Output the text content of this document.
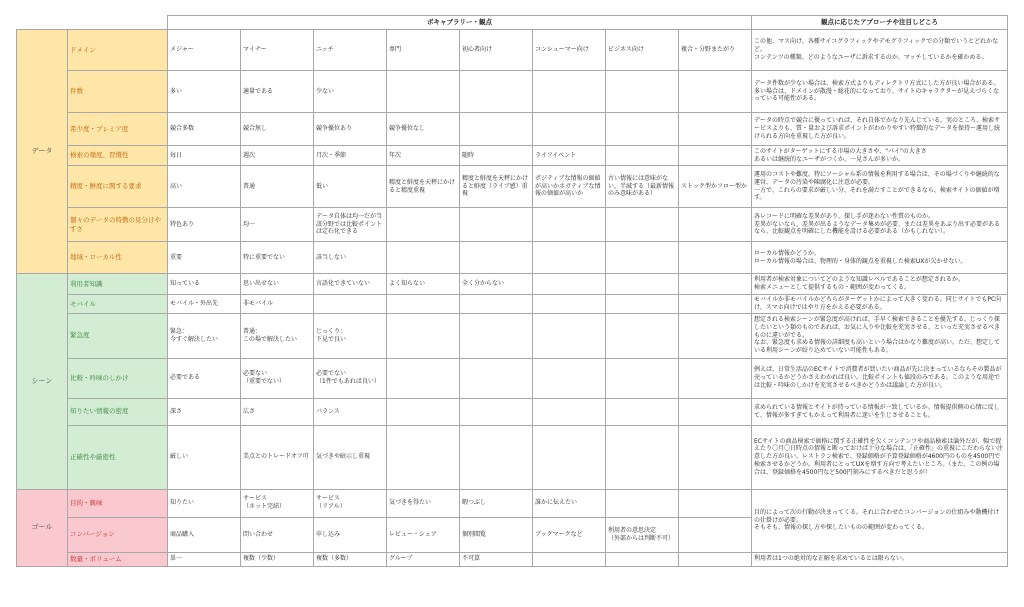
		ボキャブラリー・観点								観点に応じたアプローチや注目しどころ
データ	ドメイン	メジャー	マイナー	ニッチ	専門	初心者向け	コンシューマー向け	ビジネス向け	複合・分野またがり	この他、マス向け、各種サイコグラフィックやデモグラフィックでの分類でいうとどれかなど。
コンテンツの種類、どのようなユーザに訴求するのか、マッチしているかを確かめる。
	件数	多い	適量である	少ない						データ件数が少ない場合は、検索方式よりもディレクトリ方式にした方が良い場合がある。
多い場合は、ドメインが散漫・総花的になっており、サイトのキャラクターが見えづらくなっている可能性がある。
	希少度・プレミア度	競合多数	競合無し	競争優位あり	競争優位なし					データの時点で競合に優っていれば、それ自体でかなり先んじている。実のところ、検索サービスよりも、質・量および訴求ポイントがわかりやすい特徴的なデータを保持～運用し続けられる方向を重視した方が良い。
	検索の頻度、習慣性	毎日	週次	月次・季節	年次	随時	ライフイベント			このサイトがターゲットにする市場の大きさや、"パイ"の大きさ
あるいは継続的なユーザがつくか、一見さんが多いか。
	精度・鮮度に関する要求	高い	普通	低い	精度と鮮度を天秤にかけると精度重視	精度と鮮度を天秤にかけると鮮度（ライブ感）重視	ポジティブな情報の価値が高いかネガティブな情報の価値が高いか	古い情報には意味がない、半減する（最新情報のみ意味がある）	ストック型かフロー型か	運用のコストや難度。特にソーシャル系の情報を利用する場合は、その場づくりや継続的な運営、データの汚染や陳腐化に注意が必要。
一方で、これらの要求が厳しい分、それを満たすことができるなら、検索サイトの価値が増す。
	個々のデータの特徴の見分けやすさ	特色あり	均一	データ自体は均一だが当該分野では比較ポイントは定石化できる						各レコードに明確な差異があり、探し手が迷わない性質のものか。
差異がないなら、差異が出るようなデータ集めが必要、または差異をあぶり出す必要があるなら、比較観点を明確にした機能を設ける必要がある（かもしれない）。
	地域・ローカル性	重要	特に重要でない	該当しない						ローカル情報かどうか。
ローカル情報の場合は、物理的・身体的観点を重視した検索UXが欠かせない。
シーン	利用者知識	知っている	思い出せない	言語化できていない	よく知らない	全く分からない				利用者が検索対象についてどのような知識レベルであることが想定されるか。
検索メニューとして提供するもの・範囲が変わってくる。
	モバイル	モバイル・外出先	非モバイル							モバイルか非モバイルかどちらがターゲットかによって大きく変わる。同じサイトでもPC向け、スマホ向けではやり方をかえる必要がある。
	緊急度	緊急：
今すぐ解決したい	普通：
この場で解決したい	じっくり：
下見で良い						想定される検索シーンが緊急度が高ければ、手早く検索できることを優先する。じっくり探したいという類のものであれば、お気に入りや比較を充実させる、といった充実させるべきものに違いがでる。
なお、緊急度も求める情報の詳細度も高いという場合はかなり難度が高い。ただ、想定している利用シーンが絞り込めていない可能性もある。
	比較・吟味のしかけ	必要である	必要ない
（重要でない）	必要でない
（1件でもあれば良い）						例えば、日常生活品のECサイトで消費者が買いたい商品が先に決まっているならその製品が売っているかどうかさえわかれば良い。比較ポイントも値段のみである。このような用途では比較・吟味のしかけを充実させるべきかどうかは議論した方が良い。
	知りたい情報の密度	深さ	広さ	バランス						求められている情報とサイトが持っている情報が一致しているか。情報提供側の心情に反して、情報が多すぎてもかえって利用者に迷いを生じさせることも。
	正確性や厳密性	厳しい	美点とのトレードオフ可	気づきや暗示し重視						ECサイトの商品検索で価格に関する正確性を欠くコンテンツや商品検索は論外だが、幅で捉えたり〇月〇日時点の情報と断っておけば十分な場合は、「正確性」の重視にこだわらない注意した方が良い。レストラン検索で、登録価格が予算登録価格が4600円のものを4500円で検索させるかどうか。利用者にとってUXを増す方向で考えたいところ。（また、この例の場合は、登録価格を4500円など500円刻みにするべきだと思うが）
ゴール	目的・興味	知りたい	サービス
（ネット完結）	サービス
（リアル）	気づきを得たい	暇つぶし	誰かに伝えたい			目的によって次の行動が決まってくる。それに合わせたコンバージョンの仕組みや動機付けの仕掛けが必要。
そもそも、情報の探し方や探したいものの範囲が変わってくる。
	コンバージョン	商品購入	問い合わせ	申し込み	レビュー・シェア	個別閲覧	ブックマークなど	利用者の意思決定
（外部からは判断不可）		
	数量・ボリューム	単一	複数（少数）	複数（多数）	グループ	不可算				利用者は1つの絶対的な正解を求めているとは限らない。
